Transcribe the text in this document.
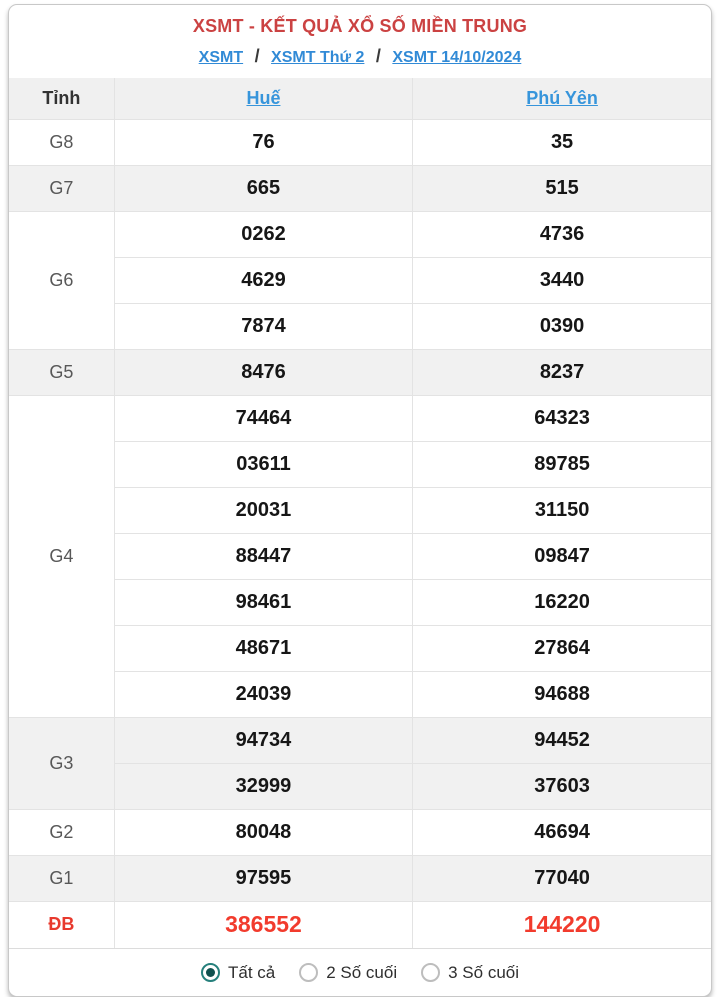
XSMT - KẾT QUẢ XỔ SỐ MIỀN TRUNG
XSMT / XSMT Thứ 2 / XSMT 14/10/2024
Tỉnh	Huế	Phú Yên
G8	76	35
G7	665	515
G6	0262	4736
	4629	3440
	7874	0390
G5	8476	8237
G4	74464	64323
	03611	89785
	20031	31150
	88447	09847
	98461	16220
	48671	27864
	24039	94688
G3	94734	94452
	32999	37603
G2	80048	46694
G1	97595	77040
ĐB	386552	144220
Tất cả	2 Số cuối	3 Số cuối
